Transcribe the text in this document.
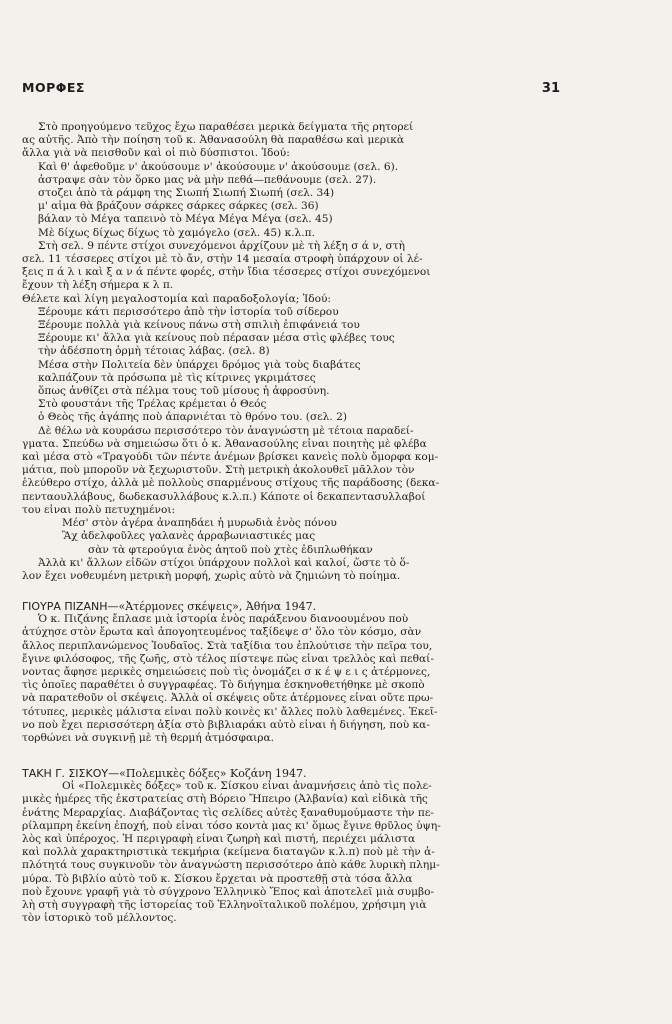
ΜΟΡΦΕΣ	31
Στὸ προηγούμενο τεῦχος ἔχω παραθέσει μερικὰ δείγματα τῆς ρητορεί
ας αὐτῆς. Ἀπὸ τὴν ποίηση τοῦ κ. Ἀθανασούλη θὰ παραθέσω καὶ μερικὰ
ἄλλα γιὰ νὰ πεισθοῦν καὶ οἱ πιὸ δύσπιστοι. Ἰδού:
Καὶ θ' ἀφεθοῦμε ν' ἀκούσουμε ν' ἀκούσουμε ν' ἀκούσουμε (σελ. 6).
ἀστραψε σὰν τὸν ὅρκο μας νὰ μὴν πεθά—πεθάνουμε (σελ. 27).
στοζει ἀπὸ τὰ ράμφη της Σιωπή Σιωπή Σιωπή (σελ. 34)
μ' αἷμα θὰ βράζουν σάρκες σάρκες σάρκες (σελ. 36)
βάλαν τὸ Μέγα ταπεινὸ τὸ Μέγα Μέγα Μέγα (σελ. 45)
Μὲ δίχως δίχως δίχως τὸ χαμόγελο (σελ. 45) κ.λ.π.
Στὴ σελ. 9 πέντε στίχοι συνεχόμενοι ἀρχίζουν μὲ τὴ λέξη σ ά ν, στὴ
σελ. 11 τέσσερες στίχοι μὲ τὸ ἄν, στὴν 14 μεσαία στροφὴ ὑπάρχουν οἱ λέ-
ξεις π ά λ ι καὶ ξ α ν ά πέντε φορές, στὴν ἴδια τέσσερες στίχοι συνεχόμενοι
ἔχουν τὴ λέξη σήμερα κ λ π.
Θέλετε καὶ λίγη μεγαλοστομία καὶ παραδοξολογία; Ἰδού:
Ξέρουμε κάτι περισσότερο ἀπὸ τὴν ἱστορία τοῦ σίδερου
Ξέρουμε πολλὰ γιὰ κείνους πάνω στὴ σπιλιὴ ἐπιφάνειά του
Ξέρουμε κι' ἄλλα γιὰ κείνους ποὺ πέρασαν μέσα στὶς φλέβες τους
τὴν ἀδέσποτη ὁρμὴ τέτοιας λάβας. (σελ. 8)
Μέσα στὴν Πολιτεία δὲν ὑπάρχει δρόμος γιὰ τοὺς διαβάτες
καλπάζουν τὰ πρόσωπα μὲ τὶς κίτρινες γκριμάτσες
ὅπως ἀνθίζει στὰ πέλμα τους τοῦ μίσους ἡ ἀφροσύνη.
Στὸ φουστάνι τῆς Τρέλας κρέμεται ὁ Θεός
ὁ Θεὸς τῆς ἀγάπης ποὺ ἀπαρνιέται τὸ θρόνο του. (σελ. 2)
Δὲ θέλω νὰ κουράσω περισσότερο τὸν ἀναγνώστη μὲ τέτοια παραδεί-
γματα. Σπεύδω νὰ σημειώσω ὅτι ὁ κ. Ἀθανασούλης εἶναι ποιητὴς μὲ φλέβα
καὶ μέσα στὸ «Τραγούδι τῶν πέντε ἀνέμων βρίσκει κανεὶς πολὺ ὄμορφα κομ-
μάτια, ποὺ μποροῦν νὰ ξεχωριστοῦν. Στὴ μετρικὴ ἀκολουθεῖ μᾶλλον τὸν
ἐλεύθερο στίχο, ἀλλὰ μὲ πολλοὺς σπαρμένους στίχους τῆς παράδοσης (δεκα-
πενταουλλάβους, δωδεκασυλλάβους κ.λ.π.) Κάποτε οἱ δεκαπεντασυλλαβοί
του εἶναι πολὺ πετυχημένοι:
Μέσ' στὸν ἀγέρα ἀναπηδάει ἡ μυρωδιὰ ἑνὸς πόνου
Ἂχ ἀδελφοῦλες γαλανὲς ἀρραβωνιαστικές μας
σὰν τὰ φτερούγια ἑνὸς ἀητοῦ ποὺ χτὲς ἐδιπλωθήκαν
Ἀλλὰ κι' ἄλλων εἰδῶν στίχοι ὑπάρχουν πολλοὶ καὶ καλοί, ὥστε τὸ ὅ-
λον ἔχει νοθευμένη μετρικὴ μορφή, χωρὶς αὐτὸ νὰ ζημιώνη τὸ ποίημα.
ΓΙΟΥΡΑ ΠΙΖΑΝΗ—«Ἀτέρμονες σκέψεις», Ἀθήνα 1947.
Ὁ κ. Πιζάνης ἔπλασε μιὰ ἱστορία ἑνὸς παράξενου διανοουμένου ποὺ
ἀτύχησε στὸν ἔρωτα καὶ ἀπογοητευμένος ταξίδεψε σ' ὅλο τὸν κόσμο, σὰν
ἄλλος περιπλανώμενος Ἰουδαῖος. Στὰ ταξίδια του ἐπλούτισε τὴν πεῖρα του,
ἔγινε φιλόσοφος, τῆς ζωῆς, στὸ τέλος πίστεψε πὼς εἶναι τρελλὸς καὶ πεθαί-
νοντας ἄφησε μερικὲς σημειώσεις ποὺ τὶς ὀνομάζει σ κ έ ψ ε ι ς ἀτέρμονες,
τὶς ὁποῖες παραθέτει ὁ συγγραφέας. Τὸ διήγημα ἐσκηνοθετήθηκε μὲ σκοπὸ
νὰ παρατεθοῦν οἱ σκέψεις. Ἀλλὰ οἱ σκέψεις οὔτε ἀτέρμονες εἶναι οὔτε πρω-
τότυπες, μερικὲς μάλιστα εἶναι πολὺ κοινὲς κι' ἄλλες πολὺ λαθεμένες. Ἐκεῖ-
νο ποὺ ἔχει περισσότερη ἀξία στὸ βιβλιαράκι αὐτὸ εἶναι ἡ διήγηση, ποὺ κα-
τορθώνει νὰ συγκινῇ μὲ τὴ θερμή ἀτμόσφαιρα.
ΤΑΚΗ Γ. ΣΙΣΚΟΥ—«Πολεμικὲς δόξες» Κοζάνη 1947.
Οἱ «Πολεμικὲς δόξες» τοῦ κ. Σίσκου εἶναι ἀναμνήσεις ἀπὸ τὶς πολε-
μικὲς ἡμέρες τῆς ἐκστρατείας στὴ Βόρειο Ἤπειρο (Ἀλβανία) καὶ εἰδικὰ τῆς
ἐνάτης Μεραρχίας. Διαβάζοντας τὶς σελίδες αὐτὲς ξαναθυμούμαστε τὴν πε-
ρίλαμπρη ἐκείνη ἐποχή, ποὺ εἶναι τόσο κοντὰ μας κι' ὅμως ἔγινε θρῦλος ὑψη-
λὸς καὶ ὑπέροχος. Ἡ περιγραφὴ εἶναι ζωηρὴ καὶ πιστή, περιέχει μάλιστα
καὶ πολλὰ χαρακτηριστικὰ τεκμήρια (κείμενα διαταγῶν κ.λ.π) ποὺ μὲ τὴν ἀ-
πλότητά τους συγκινοῦν τὸν ἀναγνώστη περισσότερο ἀπὸ κάθε λυρικὴ πλημ-
μύρα. Τὸ βιβλίο αὐτὸ τοῦ κ. Σίσκου ἔρχεται νὰ προστεθῇ στὰ τόσα ἄλλα
ποὺ ἔχουνε γραφῆ γιὰ τὸ σύγχρονο Ἑλληνικὸ Ἔπος καὶ ἀποτελεῖ μιὰ συμβο-
λὴ στὴ συγγραφὴ τῆς ἱστορείας τοῦ Ἑλληνοϊταλικοῦ πολέμου, χρήσιμη γιὰ
τὸν ἱστορικὸ τοῦ μέλλοντος.
